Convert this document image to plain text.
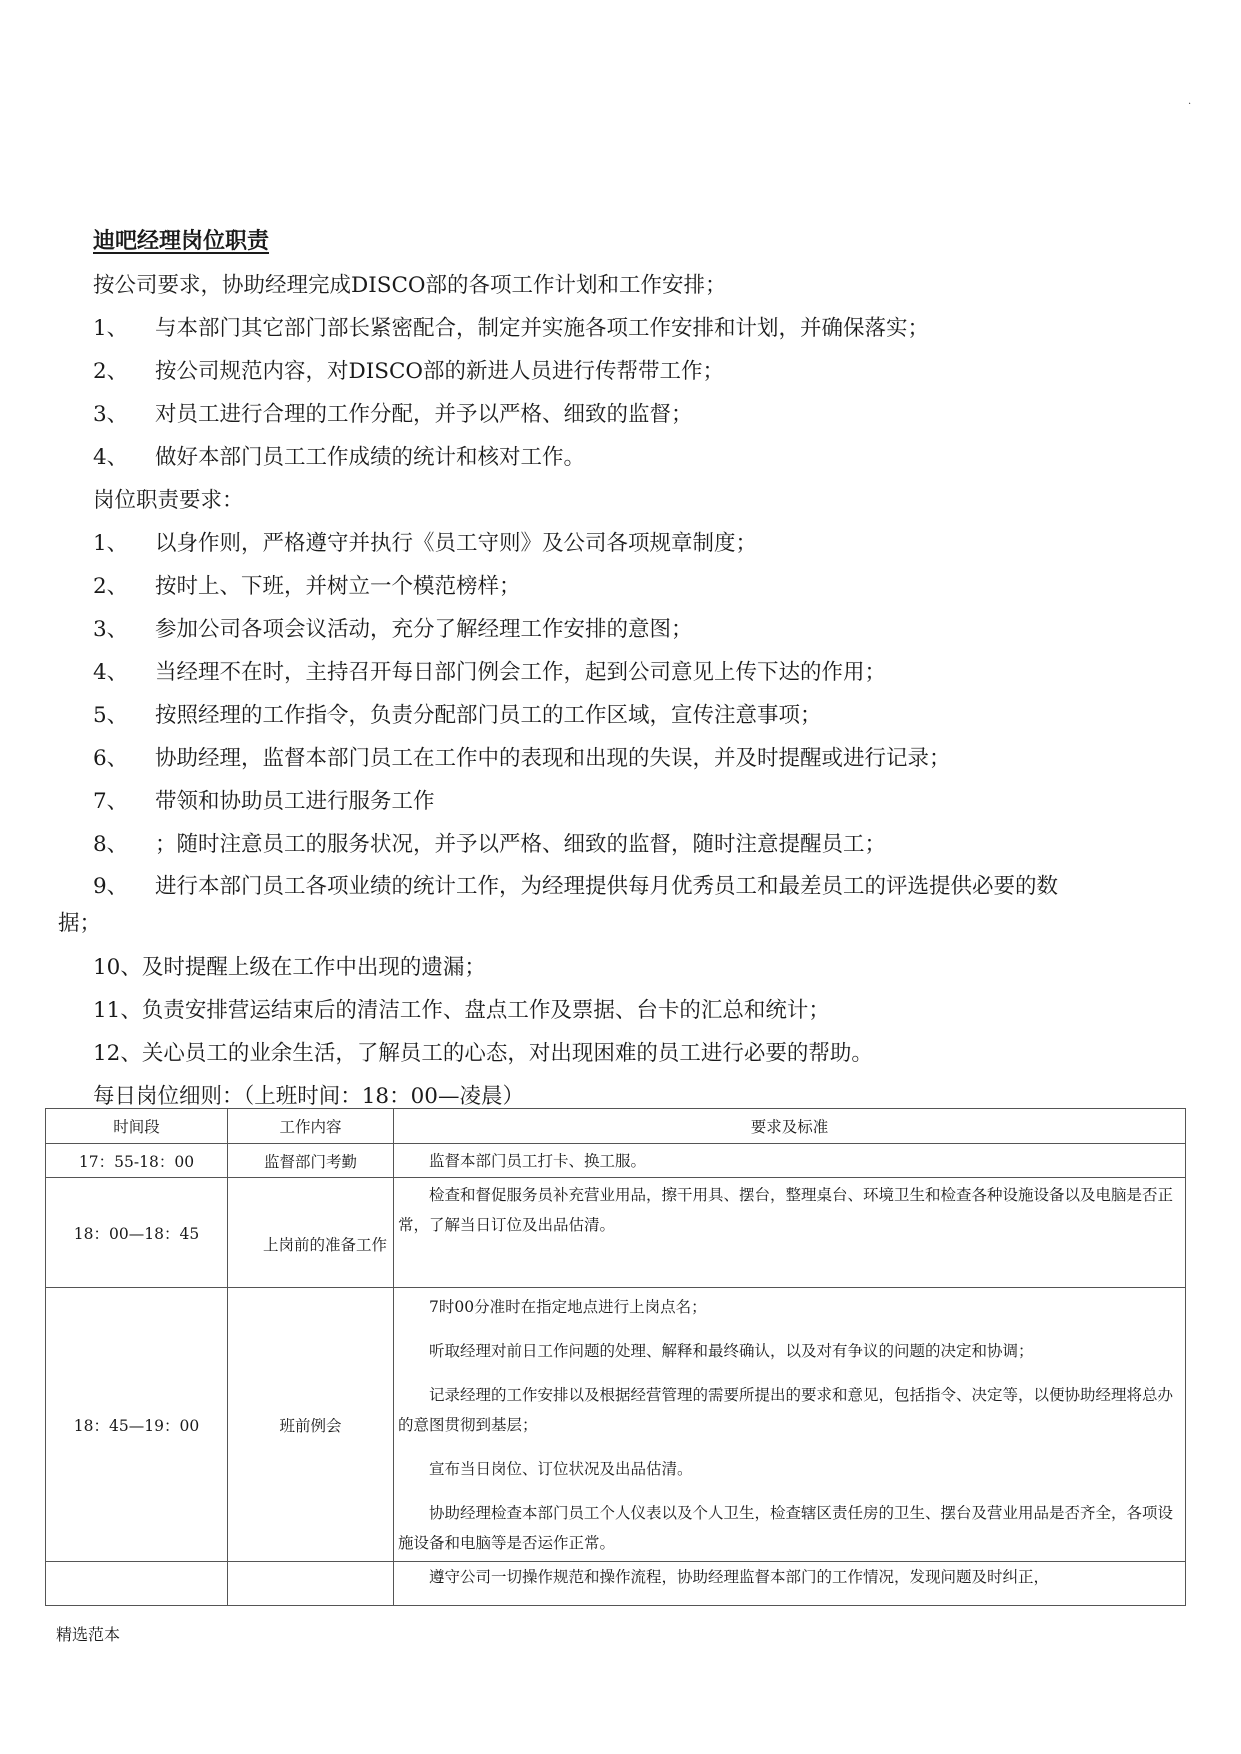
.
迪吧经理岗位职责
按公司要求，协助经理完成DISCO部的各项工作计划和工作安排；
1、 与本部门其它部门部长紧密配合，制定并实施各项工作安排和计划，并确保落实；
2、 按公司规范内容，对DISCO部的新进人员进行传帮带工作；
3、 对员工进行合理的工作分配，并予以严格、细致的监督；
4、 做好本部门员工工作成绩的统计和核对工作。
岗位职责要求：
1、 以身作则，严格遵守并执行《员工守则》及公司各项规章制度；
2、 按时上、下班，并树立一个模范榜样；
3、 参加公司各项会议活动，充分了解经理工作安排的意图；
4、 当经理不在时，主持召开每日部门例会工作，起到公司意见上传下达的作用；
5、 按照经理的工作指令，负责分配部门员工的工作区域，宣传注意事项；
6、 协助经理，监督本部门员工在工作中的表现和出现的失误，并及时提醒或进行记录；
7、 带领和协助员工进行服务工作
8、 ；随时注意员工的服务状况，并予以严格、细致的监督，随时注意提醒员工；
9、 进行本部门员工各项业绩的统计工作，为经理提供每月优秀员工和最差员工的评选提供必要的数
据；
10、及时提醒上级在工作中出现的遗漏；
11、负责安排营运结束后的清洁工作、盘点工作及票据、台卡的汇总和统计；
12、关心员工的业余生活，了解员工的心态，对出现困难的员工进行必要的帮助。
每日岗位细则：（上班时间：18：00—凌晨）
时间段	工作内容	要求及标准
17：55-18：00	监督部门考勤	监督本部门员工打卡、换工服。

18：00—18：45	上岗前的准备工作	检查和督促服务员补充营业用品，擦干用具、摆台，整理桌台、环境卫生和检查各种设施设备以及电脑是否正常，了解当日订位及出品估清。

18：45—19：00	班前例会	7时00分准时在指定地点进行上岗点名；

听取经理对前日工作问题的处理、解释和最终确认，以及对有争议的问题的决定和协调；

记录经理的工作安排以及根据经营管理的需要所提出的要求和意见，包括指令、决定等，以便协助经理将总办的意图贯彻到基层；

宣布当日岗位、订位状况及出品估清。

协助经理检查本部门员工个人仪表以及个人卫生，检查辖区责任房的卫生、摆台及营业用品是否齐全，各项设施设备和电脑等是否运作正常。

		遵守公司一切操作规范和操作流程，协助经理监督本部门的工作情况，发现问题及时纠正，

精选范本
